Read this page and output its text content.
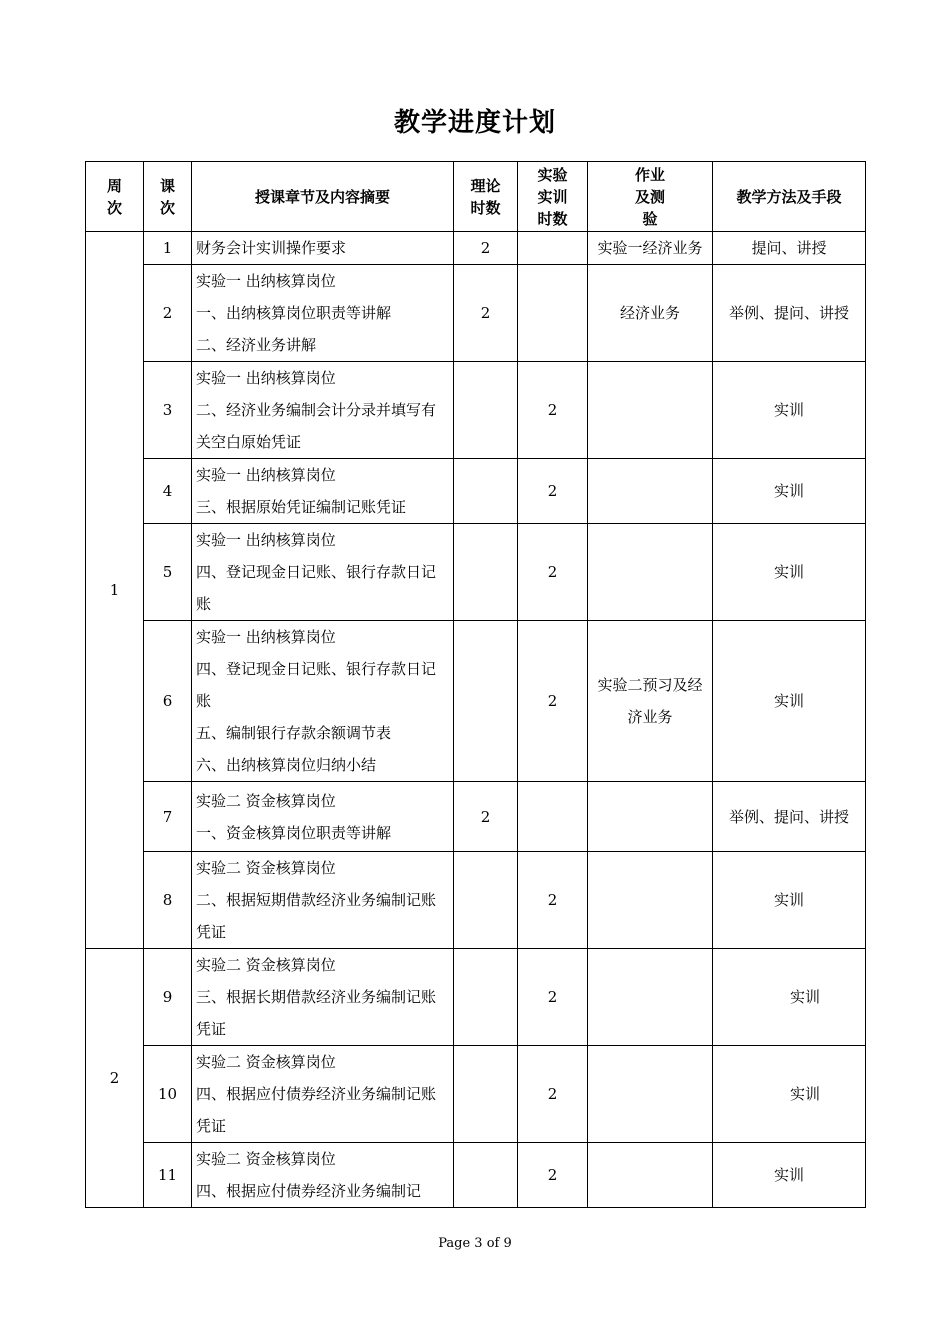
教学进度计划
周次	课次	授课章节及内容摘要	理论时数	实验实训时数	作业及测验	教学方法及手段
1	1	财务会计实训操作要求	2		实验一经济业务	提问、讲授
	2	实验一 出纳核算岗位
一、出纳核算岗位职责等讲解
二、经济业务讲解	2		经济业务	举例、提问、讲授
	3	实验一 出纳核算岗位
二、经济业务编制会计分录并填写有关空白原始凭证		2		实训
	4	实验一 出纳核算岗位
三、根据原始凭证编制记账凭证		2		实训
	5	实验一 出纳核算岗位
四、登记现金日记账、银行存款日记账		2		实训
	6	实验一 出纳核算岗位
四、登记现金日记账、银行存款日记账
五、编制银行存款余额调节表
六、出纳核算岗位归纳小结		2	实验二预习及经济业务	实训
	7	实验二 资金核算岗位
一、资金核算岗位职责等讲解	2			举例、提问、讲授
	8	实验二 资金核算岗位
二、根据短期借款经济业务编制记账凭证		2		实训
2	9	实验二 资金核算岗位
三、根据长期借款经济业务编制记账凭证		2		实训
	10	实验二 资金核算岗位
四、根据应付债券经济业务编制记账凭证		2		实训
	11	实验二 资金核算岗位
四、根据应付债券经济业务编制记		2		实训
Page 3 of 9
